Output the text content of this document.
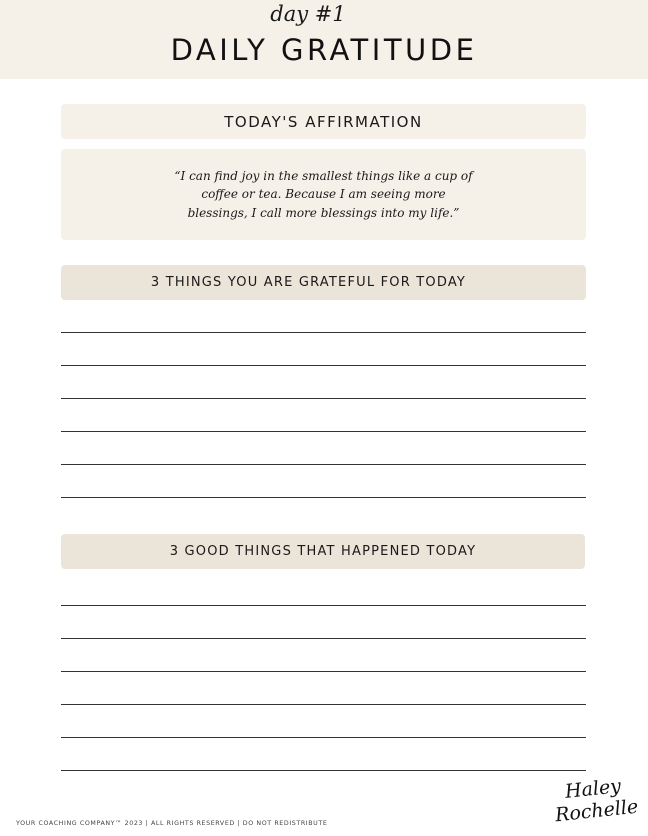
day #1
DAILY GRATITUDE
TODAY'S AFFIRMATION
“I can find joy in the smallest things like a cup of coffee or tea. Because I am seeing more blessings, I call more blessings into my life.”
3 THINGS YOU ARE GRATEFUL FOR TODAY
3 GOOD THINGS THAT HAPPENED TODAY
YOUR COACHING COMPANY™ 2023 | ALL RIGHTS RESERVED | DO NOT REDISTRIBUTE
Haley
Rochelle
